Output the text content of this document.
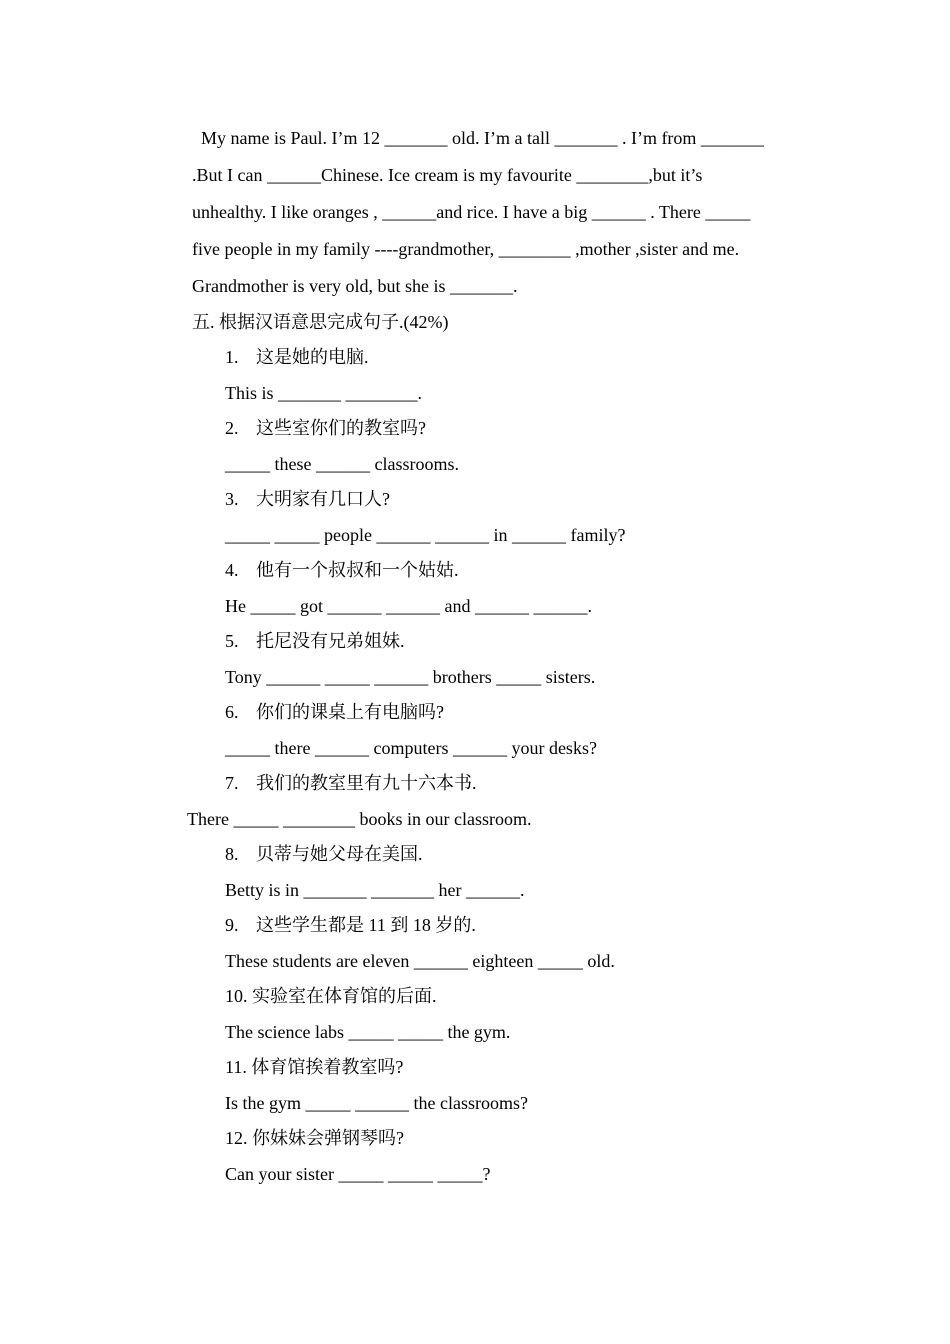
My name is Paul. I’m 12 _______ old. I’m a tall _______ . I’m from _______
.But I can ______Chinese. Ice cream is my favourite ________,but it’s
unhealthy. I like oranges , ______and rice. I have a big ______ . There _____
five people in my family ----grandmother, ________ ,mother ,sister and me.
Grandmother is very old, but she is _______.
五. 根据汉语意思完成句子.(42%)
1. 这是她的电脑.
This is _______ ________.
2. 这些室你们的教室吗?
_____ these ______ classrooms.
3. 大明家有几口人?
_____ _____ people ______ ______ in ______ family?
4. 他有一个叔叔和一个姑姑.
He _____ got ______ ______ and ______ ______.
5. 托尼没有兄弟姐妹.
Tony ______ _____ ______ brothers _____ sisters.
6. 你们的课桌上有电脑吗?
_____ there ______ computers ______ your desks?
7. 我们的教室里有九十六本书.
There _____ ________ books in our classroom.
8. 贝蒂与她父母在美国.
Betty is in _______ _______ her ______.
9. 这些学生都是 11 到 18 岁的.
These students are eleven ______ eighteen _____ old.
10. 实验室在体育馆的后面.
The science labs _____ _____ the gym.
11. 体育馆挨着教室吗?
Is the gym _____ ______ the classrooms?
12. 你妹妹会弹钢琴吗?
Can your sister _____ _____ _____?
